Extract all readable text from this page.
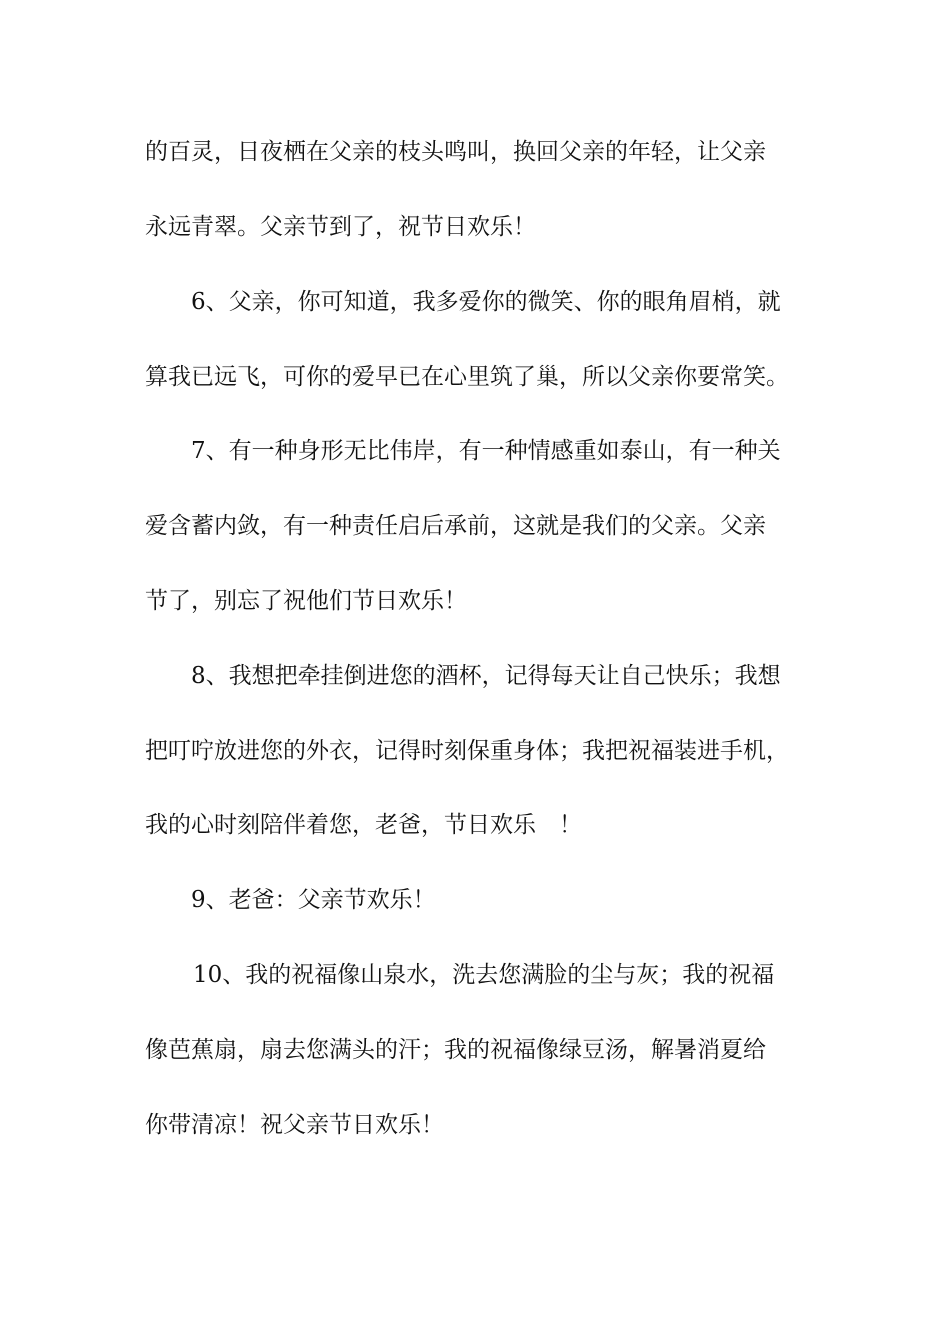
的百灵，日夜栖在父亲的枝头鸣叫，换回父亲的年轻，让父亲
永远青翠。父亲节到了，祝节日欢乐！
6、父亲，你可知道，我多爱你的微笑、你的眼角眉梢，就
算我已远飞，可你的爱早已在心里筑了巢，所以父亲你要常笑。
7、有一种身形无比伟岸，有一种情感重如泰山，有一种关
爱含蓄内敛，有一种责任启后承前，这就是我们的父亲。父亲
节了，别忘了祝他们节日欢乐！
8、我想把牵挂倒进您的酒杯，记得每天让自己快乐；我想
把叮咛放进您的外衣，记得时刻保重身体；我把祝福装进手机，
我的心时刻陪伴着您，老爸，节日欢乐　！
9、老爸：父亲节欢乐！
10、我的祝福像山泉水，洗去您满脸的尘与灰；我的祝福
像芭蕉扇，扇去您满头的汗；我的祝福像绿豆汤，解暑消夏给
你带清凉！祝父亲节日欢乐！
